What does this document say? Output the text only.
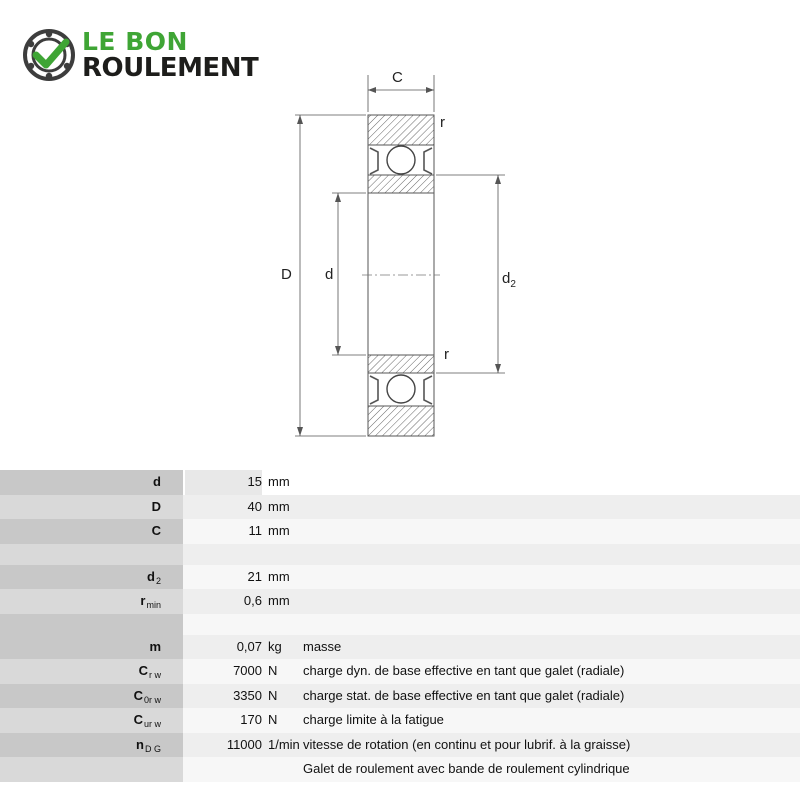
LE BON
ROULEMENT	C
r
r
D d	$d_2$
d	15 mm
D	40 mm
C	11 mm
$d_2$	21 mm
$r_{min}$	0,6 mm
m	0,07 kg	masse
$C_{r w}$	7000 N	charge dyn. de base effective en tant que galet (radiale)
$C_{0r w}$	3350 N	charge stat. de base effective en tant que galet (radiale)
$C_{ur w}$	170 N	charge limite à la fatigue
$n_{D G}$	11000 1/min vitesse de rotation (en continu et pour lubrif. à la graisse)
Galet de roulement avec bande de roulement cylindrique
